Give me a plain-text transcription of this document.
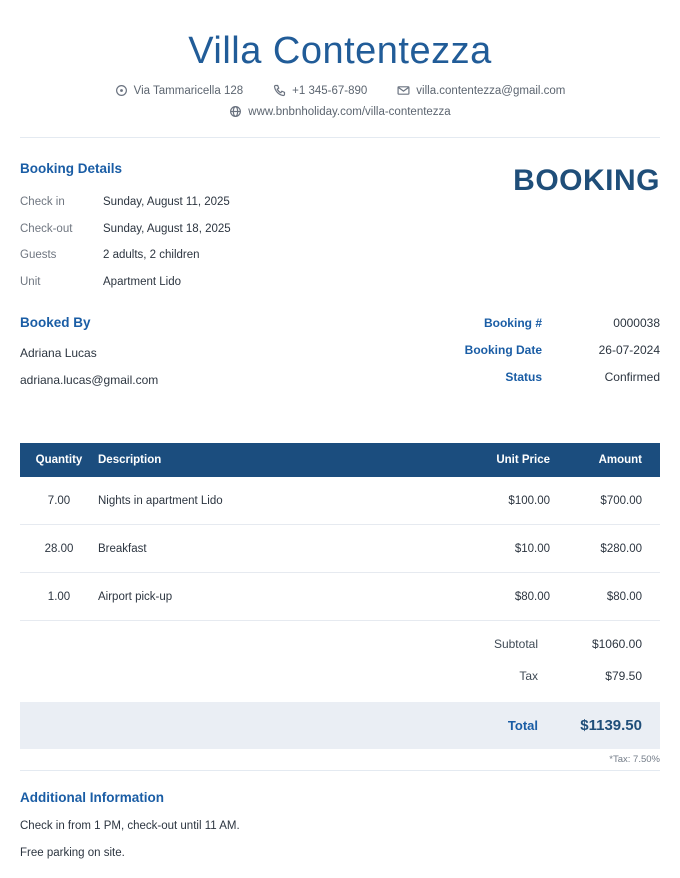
Villa Contentezza
Via Tammaricella 128	+1 345-67-890	villa.contentezza@gmail.com
www.bnbnholiday.com/villa-contentezza
Booking Details
Check in	Sunday, August 11, 2025
Check-out	Sunday, August 18, 2025
Guests	2 adults, 2 children
Unit	Apartment Lido
BOOKING
Booked By
Adriana Lucas
adriana.lucas@gmail.com
Booking #	0000038
Booking Date	26-07-2024
Status	Confirmed
Quantity	Description	Unit Price	Amount
7.00	Nights in apartment Lido	$100.00	$700.00
28.00	Breakfast	$10.00	$280.00
1.00	Airport pick-up	$80.00	$80.00
Subtotal	$1060.00
Tax	$79.50
Total	$1139.50
*Tax: 7.50%
Additional Information
Check in from 1 PM, check-out until 11 AM.
Free parking on site.
